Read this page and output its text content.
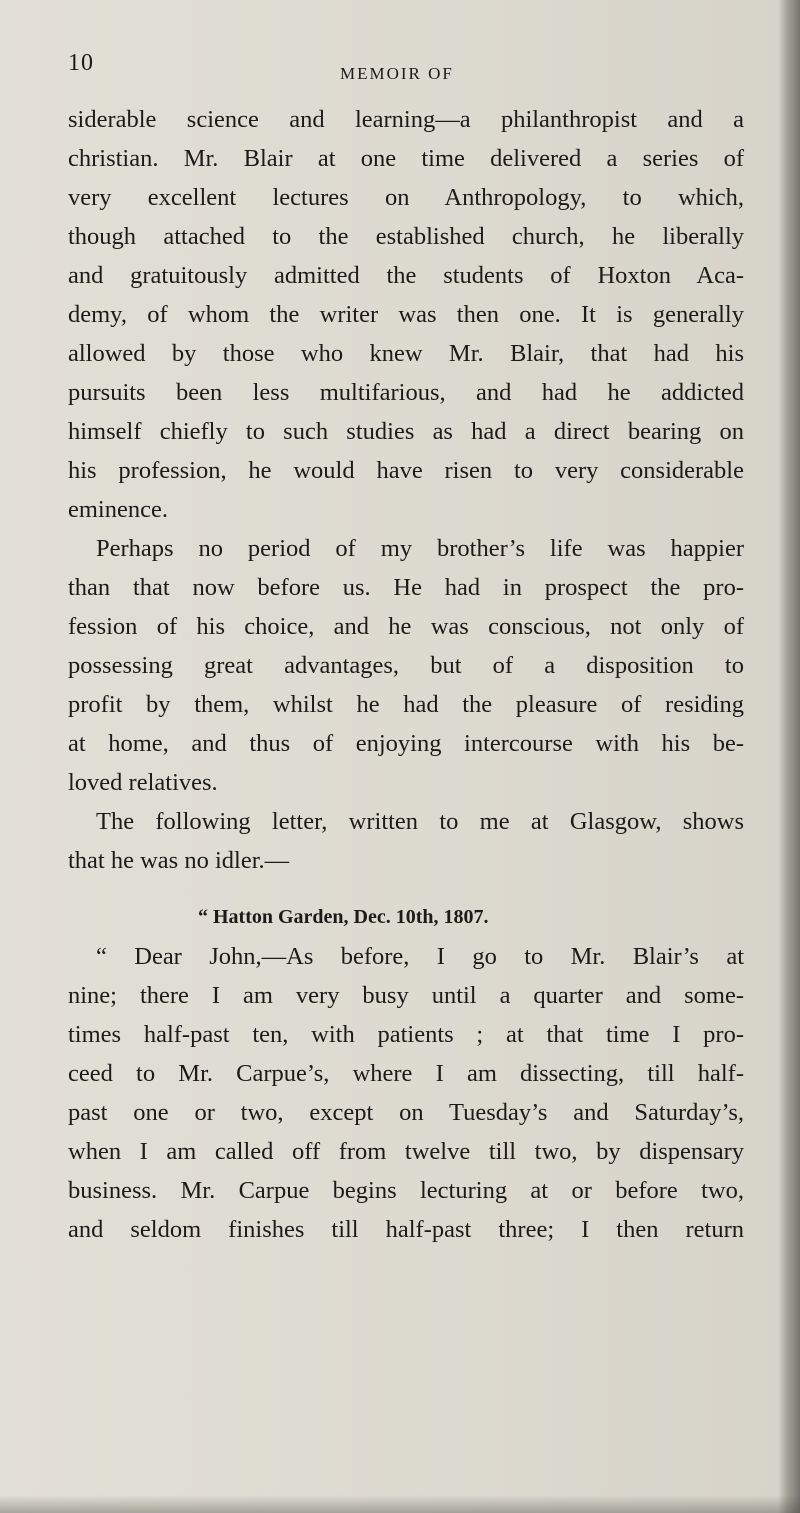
10	MEMOIR OF
siderable science and learning—a philanthropist and a
christian. Mr. Blair at one time delivered a series of
very excellent lectures on Anthropology, to which,
though attached to the established church, he liberally
and gratuitously admitted the students of Hoxton Aca-
demy, of whom the writer was then one. It is generally
allowed by those who knew Mr. Blair, that had his
pursuits been less multifarious, and had he addicted
himself chiefly to such studies as had a direct bearing on
his profession, he would have risen to very considerable
eminence.
Perhaps no period of my brother’s life was happier
than that now before us. He had in prospect the pro-
fession of his choice, and he was conscious, not only of
possessing great advantages, but of a disposition to
profit by them, whilst he had the pleasure of residing
at home, and thus of enjoying intercourse with his be-
loved relatives.
The following letter, written to me at Glasgow, shows
that he was no idler.—
“ Hatton Garden, Dec. 10th, 1807.
“ Dear John,—As before, I go to Mr. Blair’s at
nine; there I am very busy until a quarter and some-
times half-past ten, with patients ; at that time I pro-
ceed to Mr. Carpue’s, where I am dissecting, till half-
past one or two, except on Tuesday’s and Saturday’s,
when I am called off from twelve till two, by dispensary
business. Mr. Carpue begins lecturing at or before two,
and seldom finishes till half-past three; I then return
